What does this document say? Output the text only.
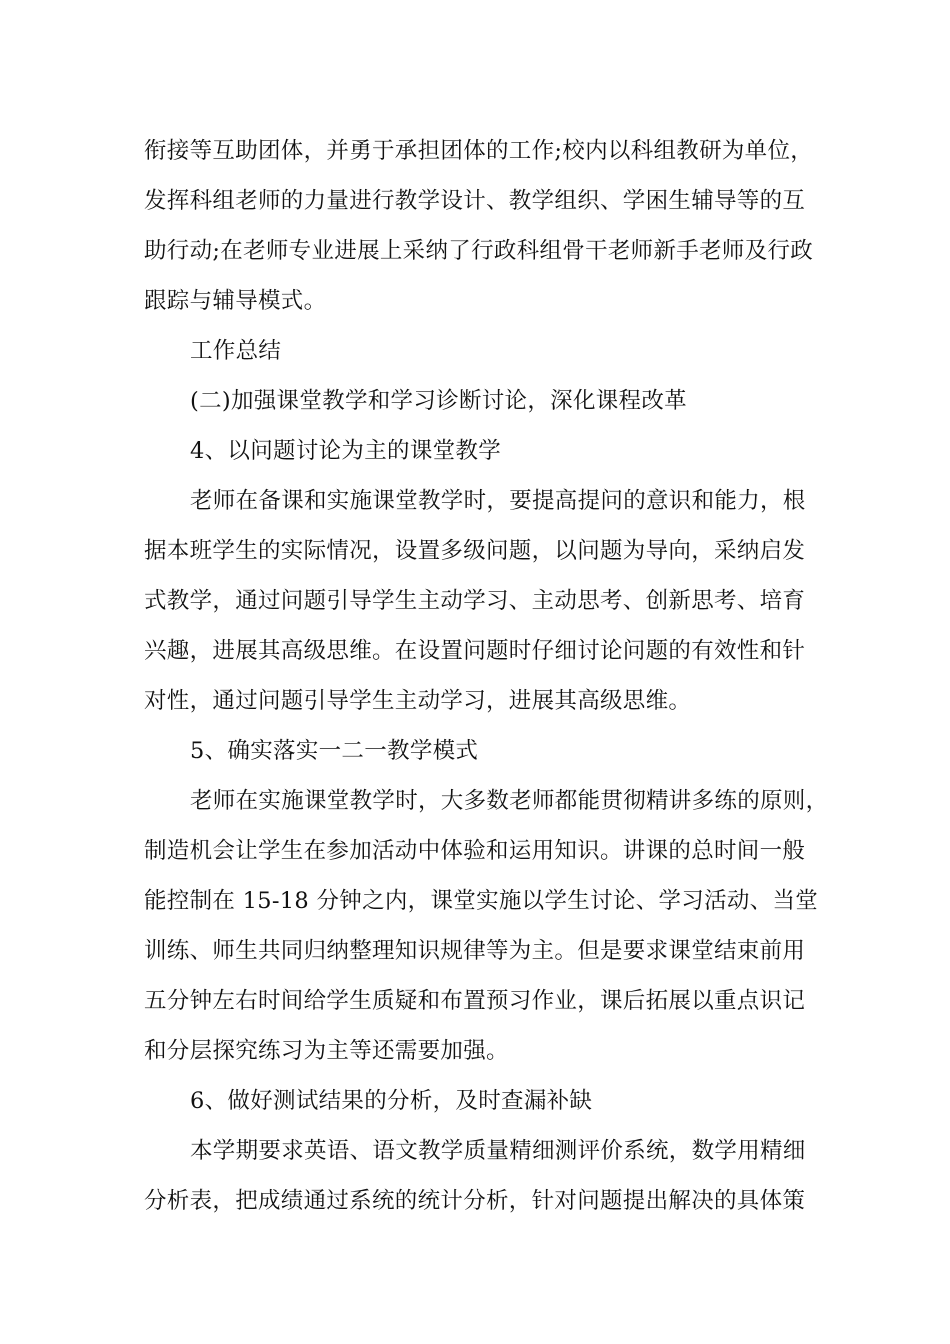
衔接等互助团体，并勇于承担团体的工作;校内以科组教研为单位，
发挥科组老师的力量进行教学设计、教学组织、学困生辅导等的互
助行动;在老师专业进展上采纳了行政科组骨干老师新手老师及行政
跟踪与辅导模式。
工作总结
(二)加强课堂教学和学习诊断讨论，深化课程改革
4、以问题讨论为主的课堂教学
老师在备课和实施课堂教学时，要提高提问的意识和能力，根
据本班学生的实际情况，设置多级问题，以问题为导向，采纳启发
式教学，通过问题引导学生主动学习、主动思考、创新思考、培育
兴趣，进展其高级思维。在设置问题时仔细讨论问题的有效性和针
对性，通过问题引导学生主动学习，进展其高级思维。
5、确实落实一二一教学模式
老师在实施课堂教学时，大多数老师都能贯彻精讲多练的原则，
制造机会让学生在参加活动中体验和运用知识。讲课的总时间一般
能控制在 15-18 分钟之内，课堂实施以学生讨论、学习活动、当堂
训练、师生共同归纳整理知识规律等为主。但是要求课堂结束前用
五分钟左右时间给学生质疑和布置预习作业，课后拓展以重点识记
和分层探究练习为主等还需要加强。
6、做好测试结果的分析，及时查漏补缺
本学期要求英语、语文教学质量精细测评价系统，数学用精细
分析表，把成绩通过系统的统计分析，针对问题提出解决的具体策
